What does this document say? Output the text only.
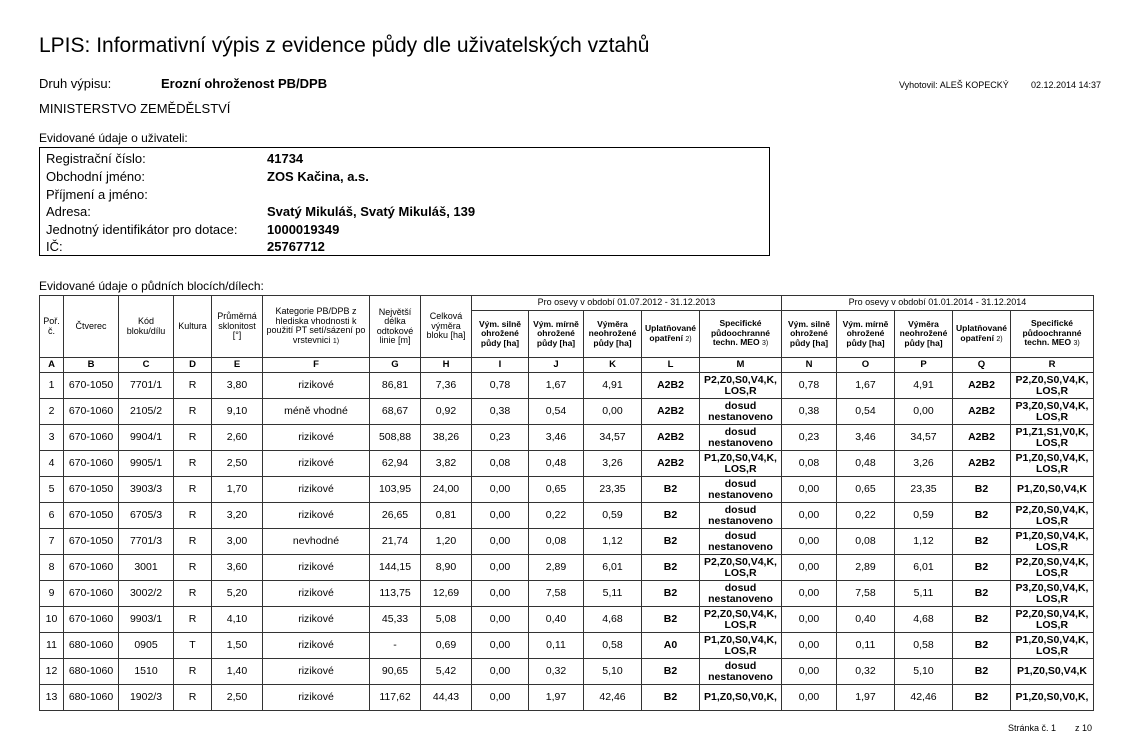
LPIS: Informativní výpis z evidence půdy dle uživatelských vztahů
Druh výpisu:	Erozní ohroženost PB/DPB	Vyhotovil: ALEŠ KOPECKÝ 02.12.2014 14:37
MINISTERSTVO ZEMĚDĚLSTVÍ
Evidované údaje o uživateli:
Registrační číslo:	41734
Obchodní jméno:	ZOS Kačina, a.s.
Příjmení a jméno:
Adresa:	Svatý Mikuláš, Svatý Mikuláš, 139
Jednotný identifikátor pro dotace: 1000019349
IČ:	25767712
Evidované údaje o půdních blocích/dílech:
Poř. č.	Čtverec	Kód bloku/dílu	Kultura	Průměrná sklonitost [°]	Kategorie PB/DPB z hlediska vhodnosti k použití PT setí/sázení po vrstevnici 1)	Největší délka odtokové linie [m]	Celková výměra bloku [ha]	Pro osevy v období 01.07.2012 - 31.12.2013					Pro osevy v období 01.01.2014 - 31.12.2014				
								Vým. silně ohrožené půdy [ha]	Vým. mírně ohrožené půdy [ha]	Výměra neohrožené půdy [ha]	Uplatňované opatření 2)	Specifické půdoochranné techn. MEO 3)	Vým. silně ohrožené půdy [ha]	Vým. mírně ohrožené půdy [ha]	Výměra neohrožené půdy [ha]	Uplatňované opatření 2)	Specifické půdoochranné techn. MEO 3)
A	B	C	D	E	F	G	H	I	J	K	L	M	N	O	P	Q	R
1	670-1050	7701/1	R	3,80	rizikové	86,81	7,36	0,78	1,67	4,91	A2B2	P2,Z0,S0,V4,K, LOS,R	0,78	1,67	4,91	A2B2	P2,Z0,S0,V4,K, LOS,R
2	670-1060	2105/2	R	9,10	méně vhodné	68,67	0,92	0,38	0,54	0,00	A2B2	dosud nestanoveno	0,38	0,54	0,00	A2B2	P3,Z0,S0,V4,K, LOS,R
3	670-1060	9904/1	R	2,60	rizikové	508,88	38,26	0,23	3,46	34,57	A2B2	dosud nestanoveno	0,23	3,46	34,57	A2B2	P1,Z1,S1,V0,K, LOS,R
4	670-1060	9905/1	R	2,50	rizikové	62,94	3,82	0,08	0,48	3,26	A2B2	P1,Z0,S0,V4,K, LOS,R	0,08	0,48	3,26	A2B2	P1,Z0,S0,V4,K, LOS,R
5	670-1050	3903/3	R	1,70	rizikové	103,95	24,00	0,00	0,65	23,35	B2	dosud nestanoveno	0,00	0,65	23,35	B2	P1,Z0,S0,V4,K
6	670-1050	6705/3	R	3,20	rizikové	26,65	0,81	0,00	0,22	0,59	B2	dosud nestanoveno	0,00	0,22	0,59	B2	P2,Z0,S0,V4,K, LOS,R
7	670-1050	7701/3	R	3,00	nevhodné	21,74	1,20	0,00	0,08	1,12	B2	dosud nestanoveno	0,00	0,08	1,12	B2	P1,Z0,S0,V4,K, LOS,R
8	670-1060	3001	R	3,60	rizikové	144,15	8,90	0,00	2,89	6,01	B2	P2,Z0,S0,V4,K, LOS,R	0,00	2,89	6,01	B2	P2,Z0,S0,V4,K, LOS,R
9	670-1060	3002/2	R	5,20	rizikové	113,75	12,69	0,00	7,58	5,11	B2	dosud nestanoveno	0,00	7,58	5,11	B2	P3,Z0,S0,V4,K, LOS,R
10	670-1060	9903/1	R	4,10	rizikové	45,33	5,08	0,00	0,40	4,68	B2	P2,Z0,S0,V4,K, LOS,R	0,00	0,40	4,68	B2	P2,Z0,S0,V4,K, LOS,R
11	680-1060	0905	T	1,50	rizikové	-	0,69	0,00	0,11	0,58	A0	P1,Z0,S0,V4,K, LOS,R	0,00	0,11	0,58	B2	P1,Z0,S0,V4,K, LOS,R
12	680-1060	1510	R	1,40	rizikové	90,65	5,42	0,00	0,32	5,10	B2	dosud nestanoveno	0,00	0,32	5,10	B2	P1,Z0,S0,V4,K
13	680-1060	1902/3	R	2,50	rizikové	117,62	44,43	0,00	1,97	42,46	B2	P1,Z0,S0,V0,K,	0,00	1,97	42,46	B2	P1,Z0,S0,V0,K,
Stránka č. 1 z 10
